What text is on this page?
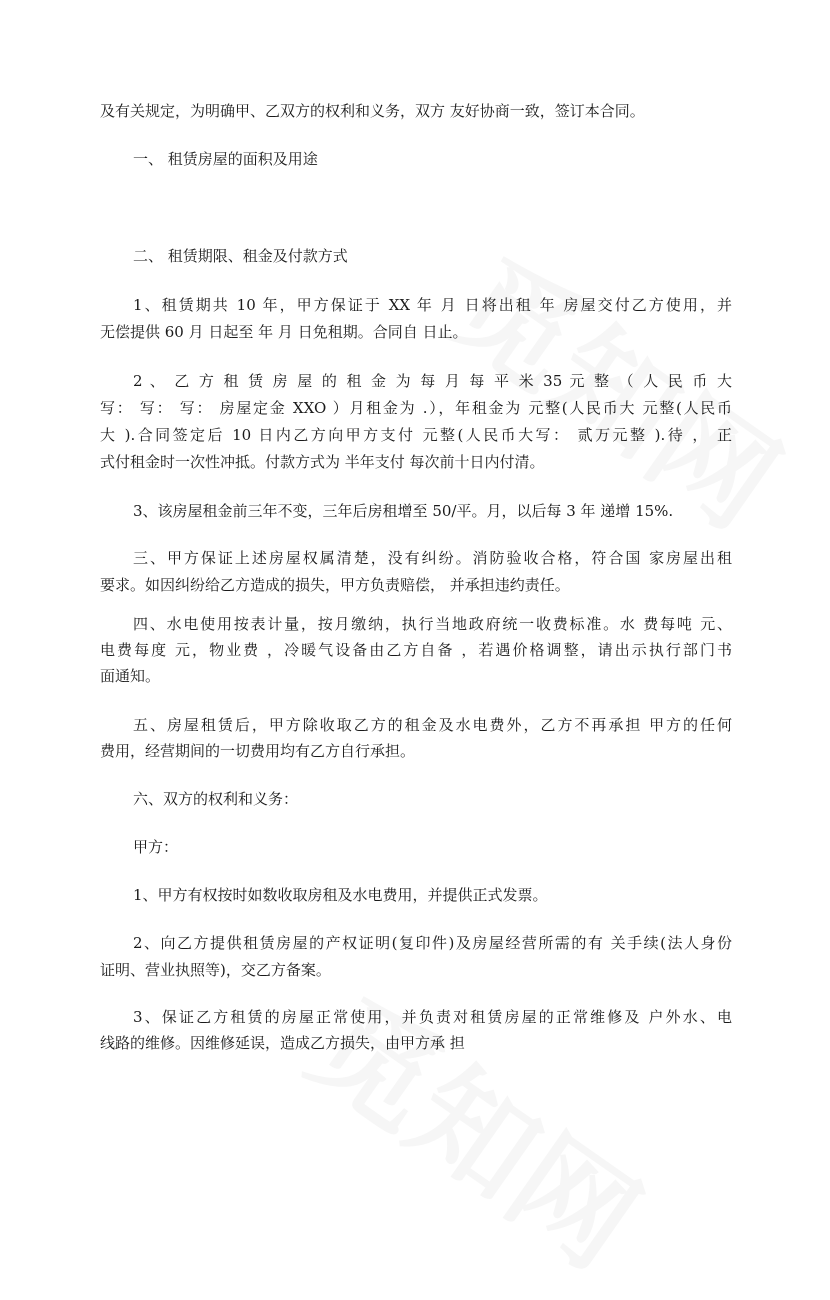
及有关规定，为明确甲、乙双方的权利和义务，双方 友好协商一致，签订本合同。

一、 租赁房屋的面积及用途

二、 租赁期限、租金及付款方式

1、租赁期共 10 年，甲方保证于 XX 年 月 日将出租 年 房屋交付乙方使用，并

无偿提供 60 月 日起至 年 月 日免租期。合同自 日止。

2 、 乙 方 租 赁 房 屋 的 租 金 为 每 月 每 平 米 35 元 整 （ 人 民 币 大

写： 写： 写： 房屋定金 XXO ）月租金为 .），年租金为 元整(人民币大 元整(人民币

大 ).合同签定后 10 日内乙方向甲方支付 元整(人民币大写： 贰万元整 ).待 ， 正

式付租金时一次性冲抵。付款方式为 半年支付 每次前十日内付清。

3、该房屋租金前三年不变，三年后房租增至 50/平。月，以后每 3 年 递增 15%.

三、甲方保证上述房屋权属清楚，没有纠纷。消防验收合格，符合国 家房屋出租

要求。如因纠纷给乙方造成的损失，甲方负责赔偿， 并承担违约责任。

四、水电使用按表计量，按月缴纳，执行当地政府统一收费标准。水 费每吨 元、

电费每度 元，物业费 ，冷暖气设备由乙方自备 ，若遇价格调整，请出示执行部门书

面通知。

五、房屋租赁后，甲方除收取乙方的租金及水电费外，乙方不再承担 甲方的任何

费用，经营期间的一切费用均有乙方自行承担。

六、双方的权利和义务：

甲方：

1、甲方有权按时如数收取房租及水电费用，并提供正式发票。

2、向乙方提供租赁房屋的产权证明(复印件)及房屋经营所需的有 关手续(法人身份

证明、营业执照等)，交乙方备案。

3、保证乙方租赁的房屋正常使用，并负责对租赁房屋的正常维修及 户外水、电

线路的维修。因维修延误，造成乙方损失，由甲方承 担
